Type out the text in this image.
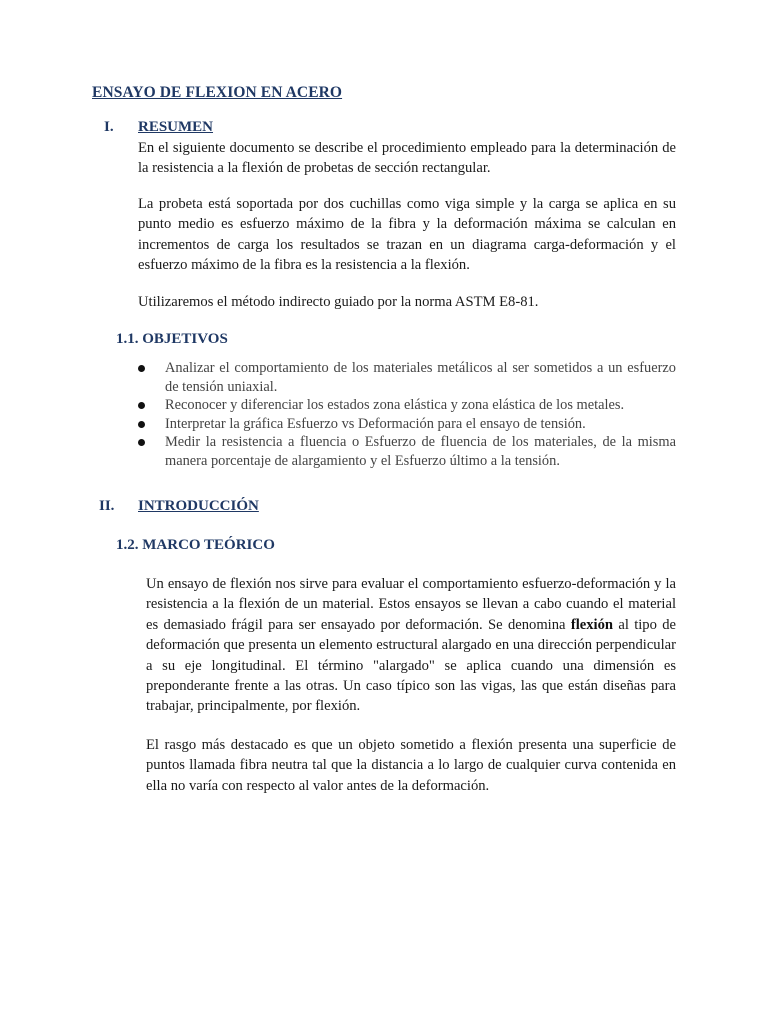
ENSAYO DE FLEXION EN ACERO
I. RESUMEN

En el siguiente documento se describe el procedimiento empleado para la determinación de la resistencia a la flexión de probetas de sección rectangular.

La probeta está soportada por dos cuchillas como viga simple y la carga se aplica en su punto medio es esfuerzo máximo de la fibra y la deformación máxima se calculan en incrementos de carga los resultados se trazan en un diagrama carga-deformación y el esfuerzo máximo de la fibra es la resistencia a la flexión.

Utilizaremos el método indirecto guiado por la norma ASTM E8-81.

1.1. OBJETIVOS
Analizar el comportamiento de los materiales metálicos al ser sometidos a un esfuerzo de tensión uniaxial.
Reconocer y diferenciar los estados zona elástica y zona elástica de los metales.
Interpretar la gráfica Esfuerzo vs Deformación para el ensayo de tensión.
Medir la resistencia a fluencia o Esfuerzo de fluencia de los materiales, de la misma manera porcentaje de alargamiento y el Esfuerzo último a la tensión.
II. INTRODUCCIÓN
1.2. MARCO TEÓRICO

Un ensayo de flexión nos sirve para evaluar el comportamiento esfuerzo-deformación y la resistencia a la flexión de un material. Estos ensayos se llevan a cabo cuando el material es demasiado frágil para ser ensayado por deformación. Se denomina flexión al tipo de deformación que presenta un elemento estructural alargado en una dirección perpendicular a su eje longitudinal. El término "alargado" se aplica cuando una dimensión es preponderante frente a las otras. Un caso típico son las vigas, las que están diseñas para trabajar, principalmente, por flexión.

El rasgo más destacado es que un objeto sometido a flexión presenta una superficie de puntos llamada fibra neutra tal que la distancia a lo largo de cualquier curva contenida en ella no varía con respecto al valor antes de la deformación.
